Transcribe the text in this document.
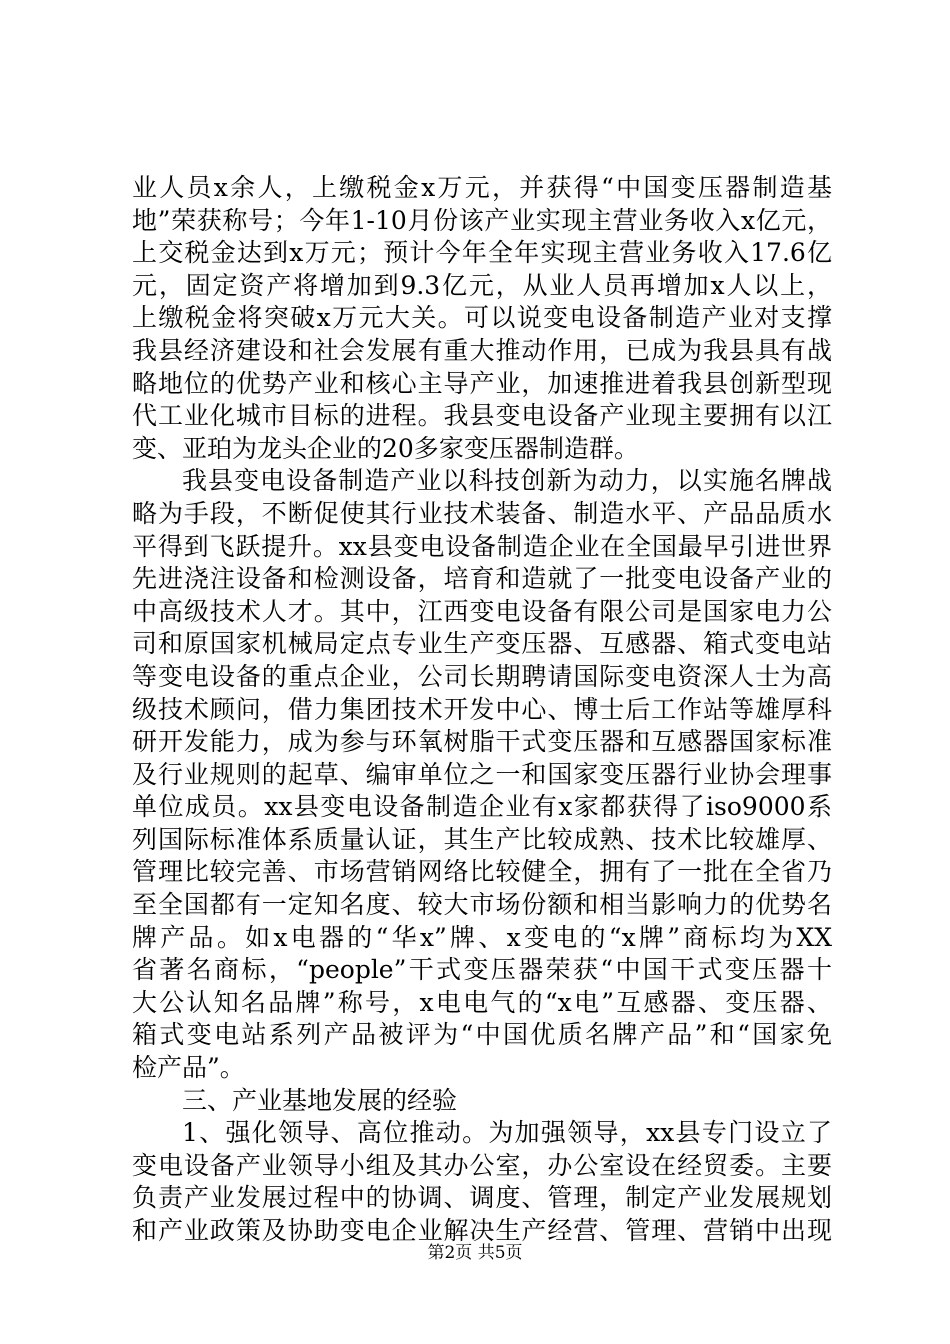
业人员x余人，上缴税金x万元，并获得“中国变压器制造基
地”荣获称号；今年1-10月份该产业实现主营业务收入x亿元，
上交税金达到x万元；预计今年全年实现主营业务收入17.6亿
元，固定资产将增加到9.3亿元，从业人员再增加x人以上，
上缴税金将突破x万元大关。可以说变电设备制造产业对支撑
我县经济建设和社会发展有重大推动作用，已成为我县具有战
略地位的优势产业和核心主导产业，加速推进着我县创新型现
代工业化城市目标的进程。我县变电设备产业现主要拥有以江
变、亚珀为龙头企业的20多家变压器制造群。
我县变电设备制造产业以科技创新为动力，以实施名牌战
略为手段，不断促使其行业技术装备、制造水平、产品品质水
平得到飞跃提升。xx县变电设备制造企业在全国最早引进世界
先进浇注设备和检测设备，培育和造就了一批变电设备产业的
中高级技术人才。其中，江西变电设备有限公司是国家电力公
司和原国家机械局定点专业生产变压器、互感器、箱式变电站
等变电设备的重点企业，公司长期聘请国际变电资深人士为高
级技术顾问，借力集团技术开发中心、博士后工作站等雄厚科
研开发能力，成为参与环氧树脂干式变压器和互感器国家标准
及行业规则的起草、编审单位之一和国家变压器行业协会理事
单位成员。xx县变电设备制造企业有x家都获得了iso9000系
列国际标准体系质量认证，其生产比较成熟、技术比较雄厚、
管理比较完善、市场营销网络比较健全，拥有了一批在全省乃
至全国都有一定知名度、较大市场份额和相当影响力的优势名
牌产品。如x电器的“华x”牌、x变电的“x牌”商标均为XX
省著名商标，“people”干式变压器荣获“中国干式变压器十
大公认知名品牌”称号，x电电气的“x电”互感器、变压器、
箱式变电站系列产品被评为“中国优质名牌产品”和“国家免
检产品”。
三、产业基地发展的经验
1、强化领导、高位推动。为加强领导，xx县专门设立了
变电设备产业领导小组及其办公室，办公室设在经贸委。主要
负责产业发展过程中的协调、调度、管理，制定产业发展规划
和产业政策及协助变电企业解决生产经营、管理、营销中出现
第2页 共5页
